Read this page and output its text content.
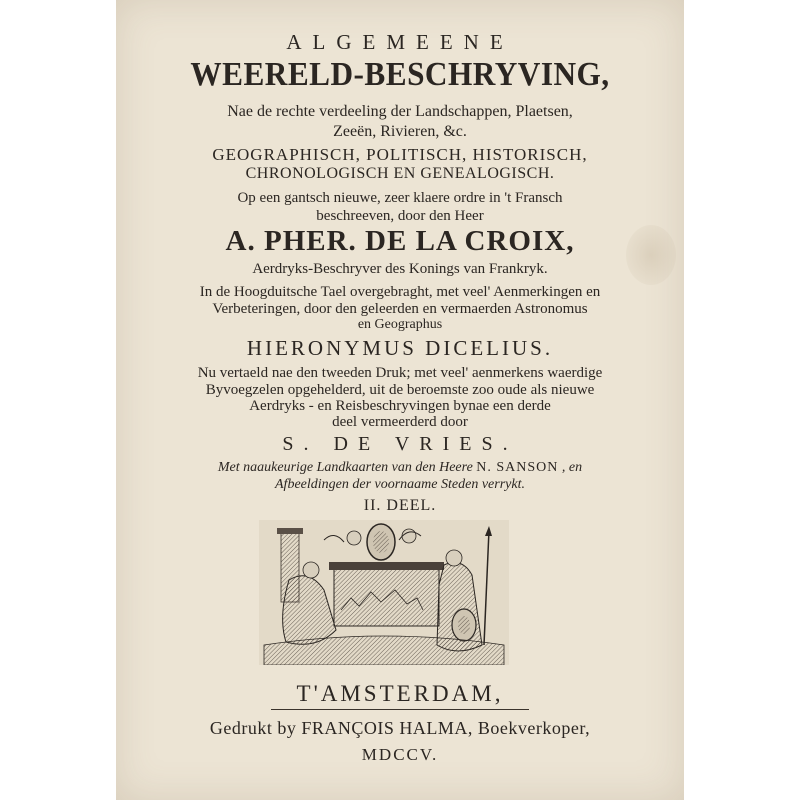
ALGEMEENE
WEERELD-BESCHRYVING,
Nae de rechte verdeeling der Landschappen, Plaetsen,
Zeeën, Rivieren, &c.
GEOGRAPHISCH, POLITISCH, HISTORISCH,
CHRONOLOGISCH EN GENEALOGISCH.
Op een gantsch nieuwe, zeer klaere ordre in 't Fransch
beschreeven, door den Heer
A. PHER. DE LA CROIX,
Aerdryks-Beschryver des Konings van Frankryk.
In de Hoogduitsche Tael overgebraght, met veel' Aenmerkingen en
Verbeteringen, door den geleerden en vermaerden Astronomus
en Geographus
HIERONYMUS DICELIUS.
Nu vertaeld nae den tweeden Druk; met veel' aenmerkens waerdige
Byvoegzelen opgehelderd, uit de beroemste zoo oude als nieuwe
Aerdryks - en Reisbeschryvingen bynae een derde
deel vermeerderd door
S. DE VRIES.
Met naaukeurige Landkaarten van den Heere N. SANSON , en
Afbeeldingen der voornaame Steden verrykt.
II. DEEL.
T'AMSTERDAM,
Gedrukt by FRANÇOIS HALMA, Boekverkoper,
MDCCV.
